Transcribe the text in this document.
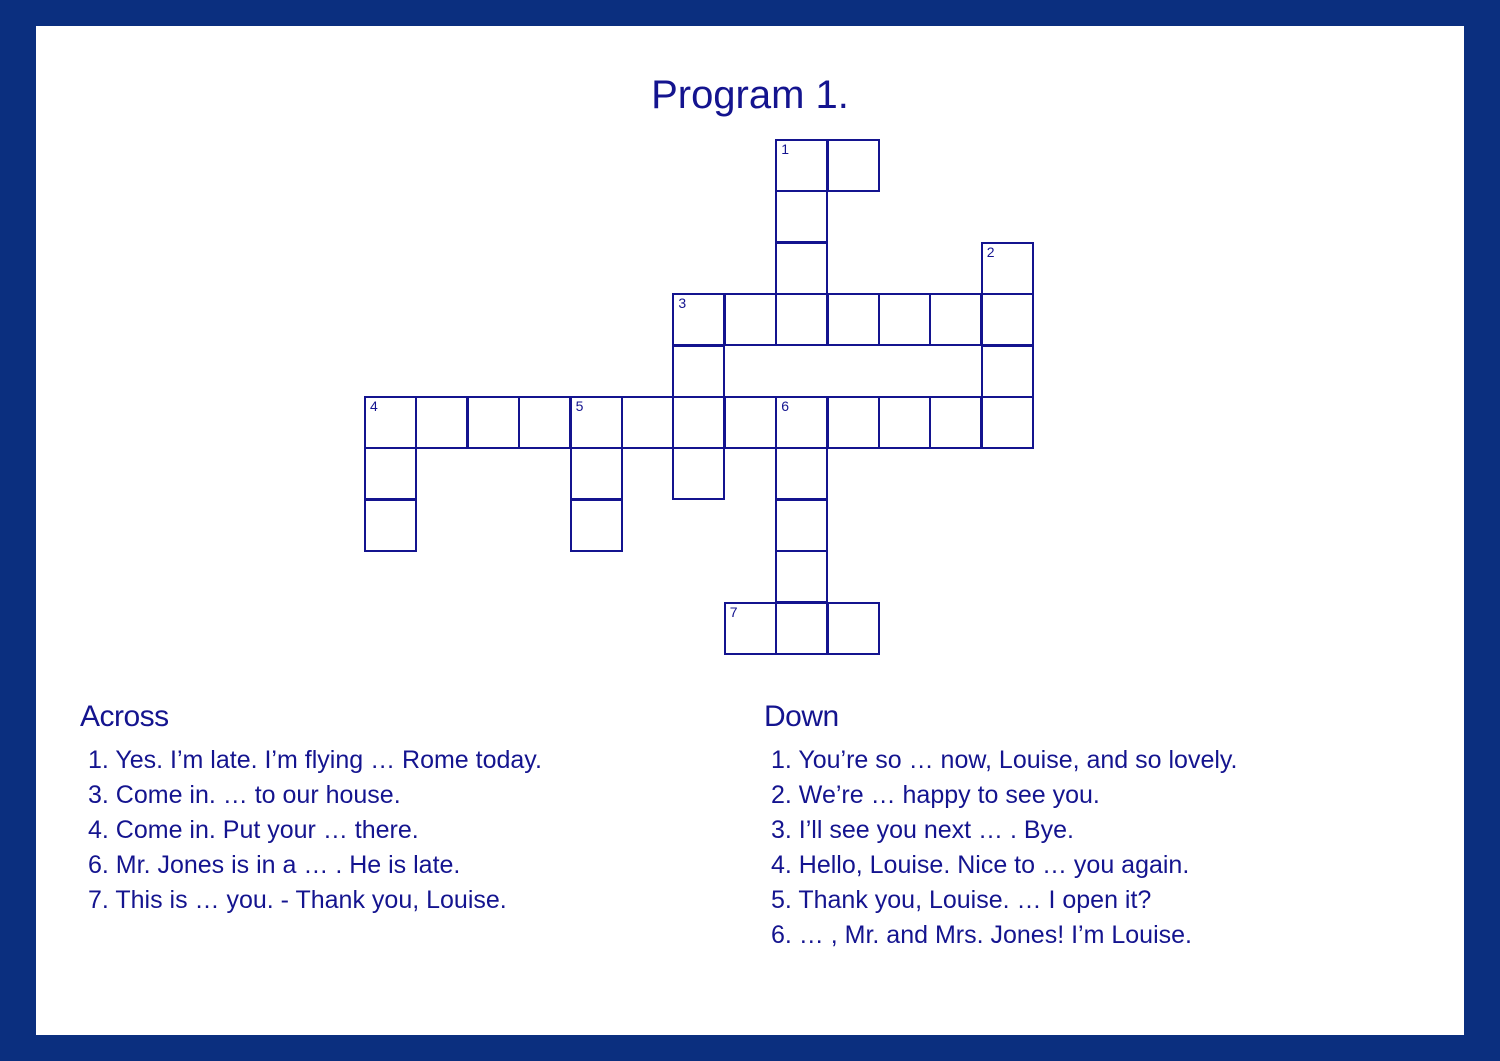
Program 1.
1
2
3
4	5	6
7
Across
1. Yes. I’m late. I’m flying … Rome today.
3. Come in. … to our house.
4. Come in. Put your … there.
6. Mr. Jones is in a … . He is late.
7. This is … you. - Thank you, Louise.
Down
1. You’re so … now, Louise, and so lovely.
2. We’re … happy to see you.
3. I’ll see you next … . Bye.
4. Hello, Louise. Nice to … you again.
5. Thank you, Louise. … I open it?
6. … , Mr. and Mrs. Jones! I’m Louise.
